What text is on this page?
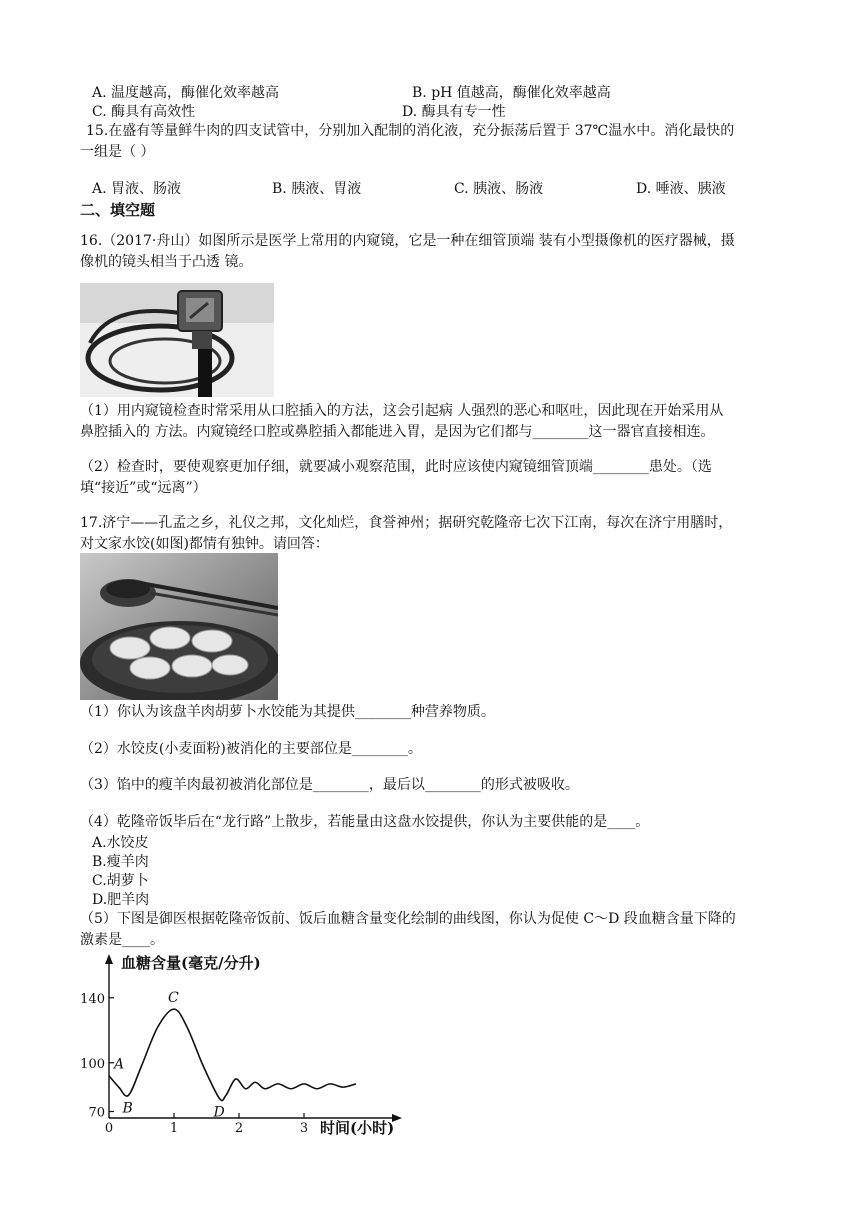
A. 温度越高，酶催化效率越高	B. pH 值越高，酶催化效率越高
C. 酶具有高效性	D. 酶具有专一性
15.在盛有等量鲜牛肉的四支试管中，分别加入配制的消化液，充分振荡后置于 37℃温水中。消化最快的
一组是（ ）
A. 胃液、肠液	B. 胰液、胃液	C. 胰液、肠液	D. 唾液、胰液
二、填空题
16.（2017·舟山）如图所示是医学上常用的内窥镜，它是一种在细管顶端 装有小型摄像机的医疗器械，摄
像机的镜头相当于凸透 镜。
（1）用内窥镜检查时常采用从口腔插入的方法，这会引起病 人强烈的恶心和呕吐，因此现在开始采用从
鼻腔插入的 方法。内窥镜经口腔或鼻腔插入都能进入胃，是因为它们都与________这一器官直接相连。
（2）检查时，要使观察更加仔细，就要减小观察范围，此时应该使内窥镜细管顶端________患处。（选
填“接近”或“远离”）
17.济宁——孔孟之乡，礼仪之邦，文化灿烂，食誉神州；据研究乾隆帝七次下江南，每次在济宁用膳时，
对文家水饺(如图)都情有独钟。请回答：
（1）你认为该盘羊肉胡萝卜水饺能为其提供________种营养物质。
（2）水饺皮(小麦面粉)被消化的主要部位是________。
（3）馅中的瘦羊肉最初被消化部位是________，最后以________的形式被吸收。
（4）乾隆帝饭毕后在“龙行路”上散步，若能量由这盘水饺提供，你认为主要供能的是____。
A.水饺皮
B.瘦羊肉
C.胡萝卜
D.肥羊肉
（5）下图是御医根据乾隆帝饭前、饭后血糖含量变化绘制的曲线图，你认为促使 C～D 段血糖含量下降的
激素是____。
血糖含量(毫克/分升)
时间(小时)
140
100
70
0	1	2	3
A
B
C
D
